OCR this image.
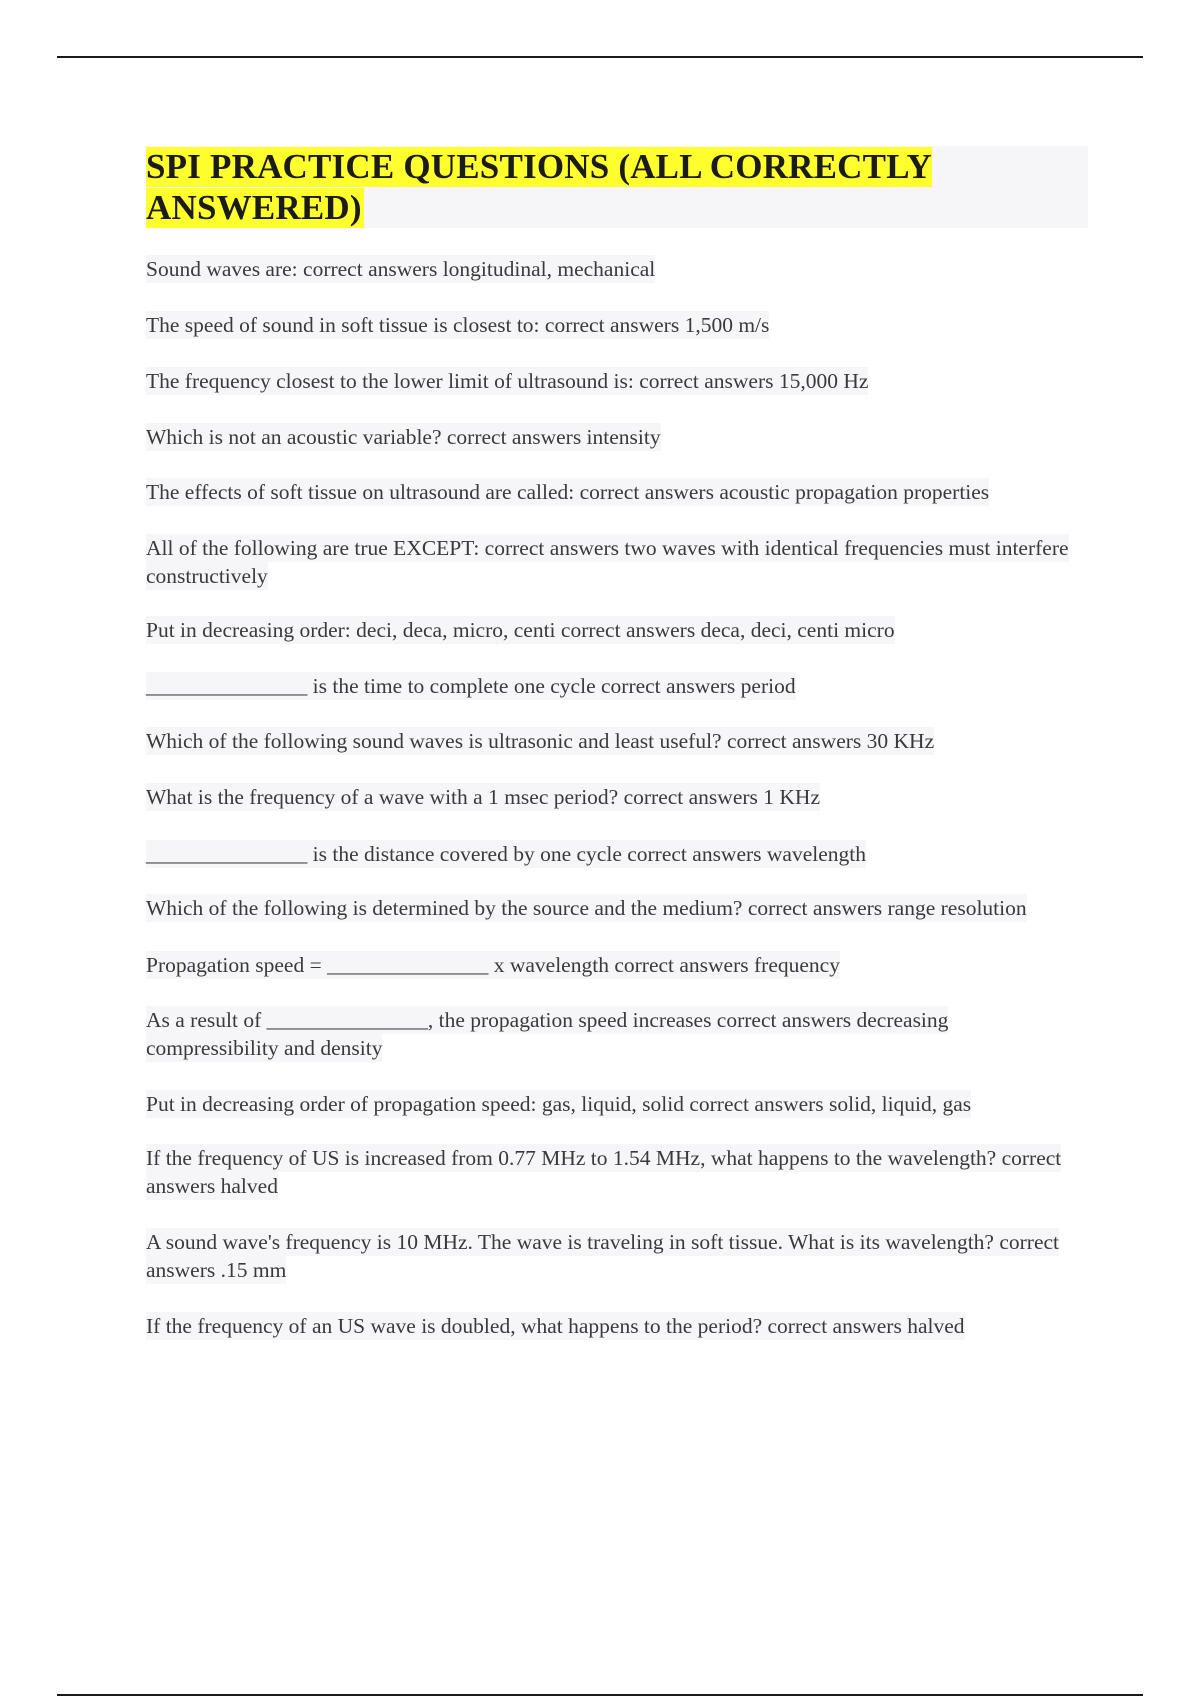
SPI PRACTICE QUESTIONS (ALL CORRECTLY ANSWERED)
Sound waves are: correct answers longitudinal, mechanical
The speed of sound in soft tissue is closest to: correct answers 1,500 m/s
The frequency closest to the lower limit of ultrasound is: correct answers 15,000 Hz
Which is not an acoustic variable? correct answers intensity
The effects of soft tissue on ultrasound are called: correct answers acoustic propagation properties
All of the following are true EXCEPT: correct answers two waves with identical frequencies must interfere constructively
Put in decreasing order: deci, deca, micro, centi correct answers deca, deci, centi micro
_______________ is the time to complete one cycle correct answers period
Which of the following sound waves is ultrasonic and least useful? correct answers 30 KHz
What is the frequency of a wave with a 1 msec period? correct answers 1 KHz
_______________ is the distance covered by one cycle correct answers wavelength
Which of the following is determined by the source and the medium? correct answers range resolution
Propagation speed = _______________ x wavelength correct answers frequency
As a result of _______________, the propagation speed increases correct answers decreasing compressibility and density
Put in decreasing order of propagation speed: gas, liquid, solid correct answers solid, liquid, gas
If the frequency of US is increased from 0.77 MHz to 1.54 MHz, what happens to the wavelength? correct answers halved
A sound wave's frequency is 10 MHz. The wave is traveling in soft tissue. What is its wavelength? correct answers .15 mm
If the frequency of an US wave is doubled, what happens to the period? correct answers halved
